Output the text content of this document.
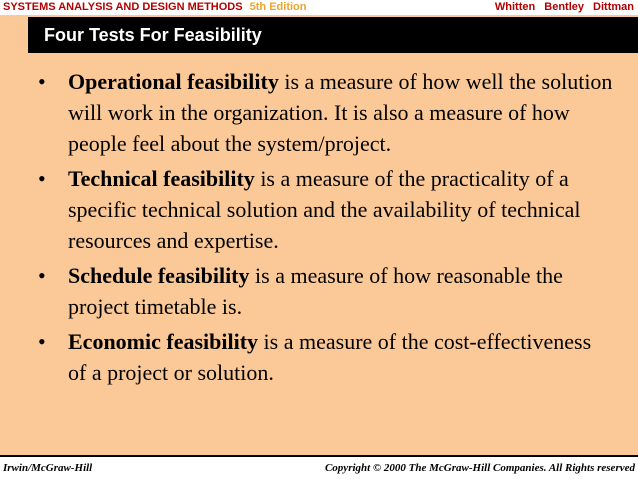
SYSTEMS ANALYSIS AND DESIGN METHODS 5th Edition	Whitten Bentley Dittman
Four Tests For Feasibility
• Operational feasibility is a measure of how well the solution will work in the organization. It is also a measure of how people feel about the system/project.
• Technical feasibility is a measure of the practicality of a specific technical solution and the availability of technical resources and expertise.
• Schedule feasibility is a measure of how reasonable the project timetable is.
• Economic feasibility is a measure of the cost-effectiveness of a project or solution.
Irwin/McGraw-Hill	Copyright © 2000 The McGraw-Hill Companies. All Rights reserved
